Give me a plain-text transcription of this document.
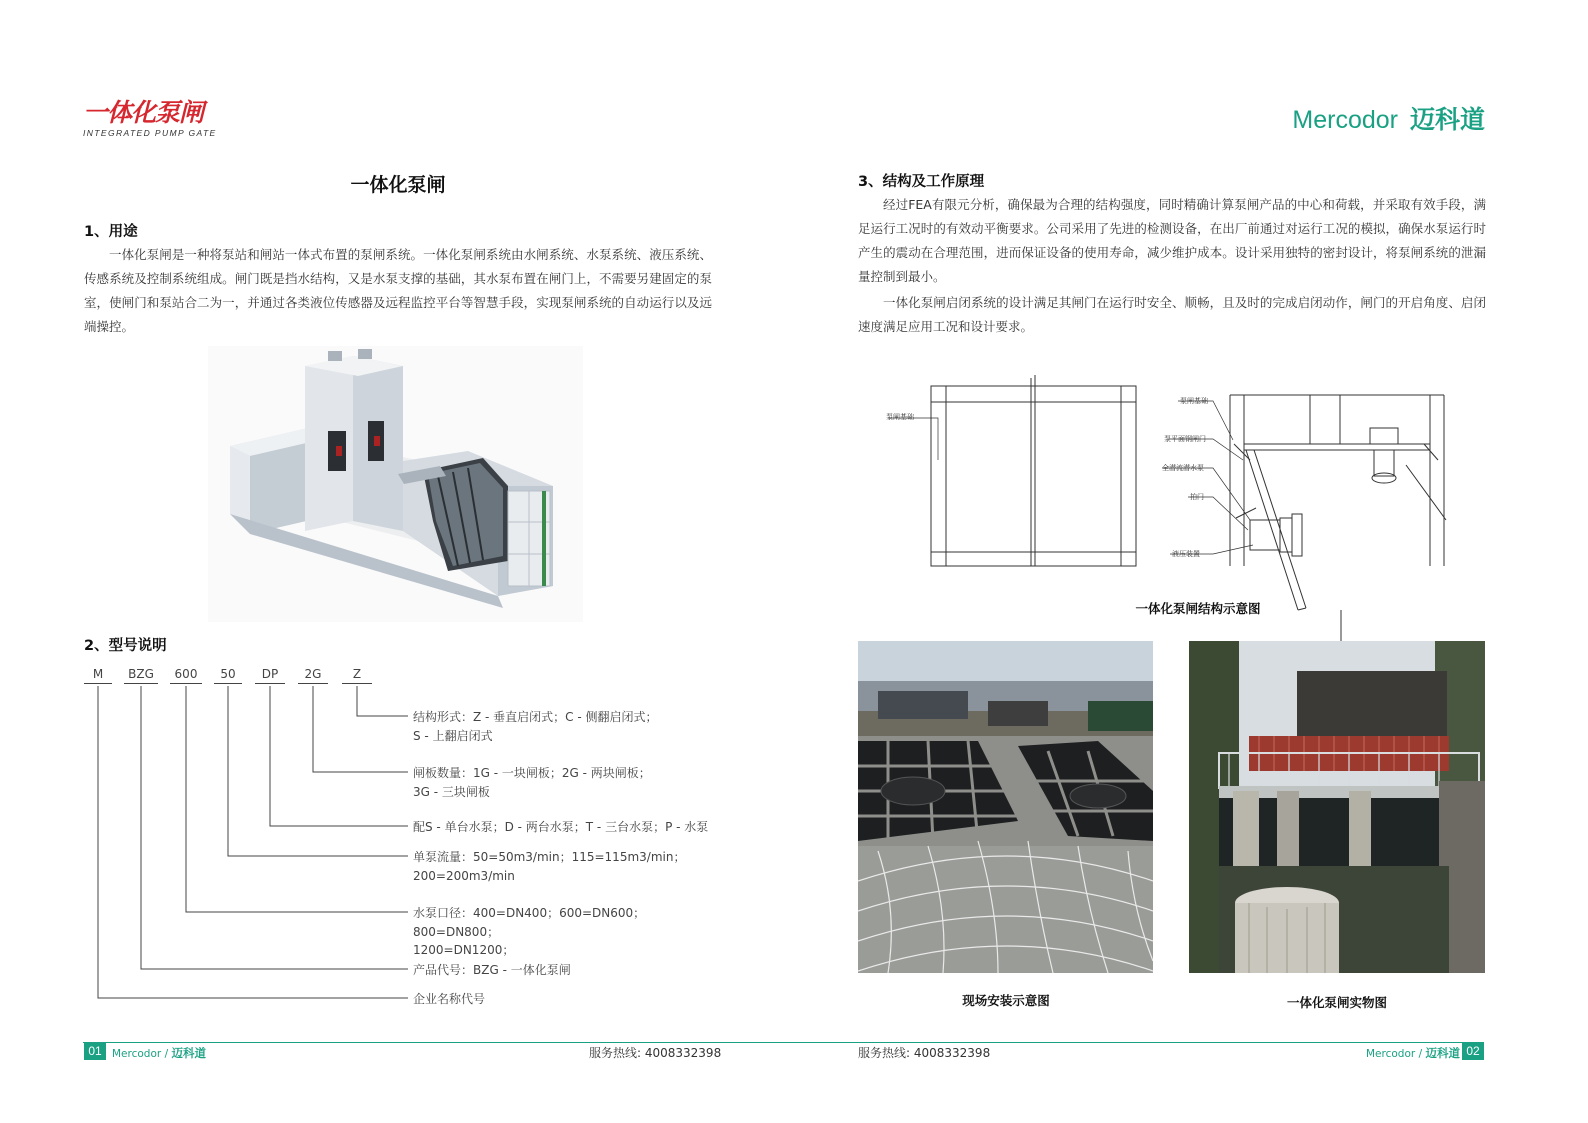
一体化泵闸
INTEGRATED PUMP GATE	Mercodor 迈科道
一体化泵闸
1、用途

一体化泵闸是一种将泵站和闸站一体式布置的泵闸系统。一体化泵闸系统由水闸系统、水泵系统、液压系统、传感系统及控制系统组成。闸门既是挡水结构，又是水泵支撑的基础，其水泵布置在闸门上，不需要另建固定的泵室，使闸门和泵站合二为一，并通过各类液位传感器及远程监控平台等智慧手段，实现泵闸系统的自动运行以及远端操控。

2、型号说明
M	BZG	600	50	DP	2G	Z
结构形式：Z - 垂直启闭式；C - 侧翻启闭式；
S - 上翻启闭式
闸板数量：1G - 一块闸板；2G - 两块闸板；
3G - 三块闸板
配S - 单台水泵；D - 两台水泵；T - 三台水泵；P - 水泵
单泵流量：50=50m3/min；115=115m3/min；
200=200m3/min
水泵口径：400=DN400；600=DN600；800=DN800；
1200=DN1200；
产品代号：BZG - 一体化泵闸
企业名称代号
3、结构及工作原理

经过FEA有限元分析，确保最为合理的结构强度，同时精确计算泵闸产品的中心和荷载，并采取有效手段，满足运行工况时的有效动平衡要求。公司采用了先进的检测设备，在出厂前通过对运行工况的模拟，确保水泵运行时产生的震动在合理范围，进而保证设备的使用寿命，减少维护成本。设计采用独特的密封设计，将泵闸系统的泄漏量控制到最小。

一体化泵闸启闭系统的设计满足其闸门在运行时安全、顺畅，且及时的完成启闭动作，闸门的开启角度、启闭速度满足应用工况和设计要求。

泵闸基础
泵闸基础
泵平面钢闸门
全潜流潜水泵
拍门
液压装置
一体化泵闸结构示意图
现场安装示意图	一体化泵闸实物图
01 Mercodor / 迈科道	服务热线: 4008332398	服务热线: 4008332398	Mercodor / 迈科道 02
